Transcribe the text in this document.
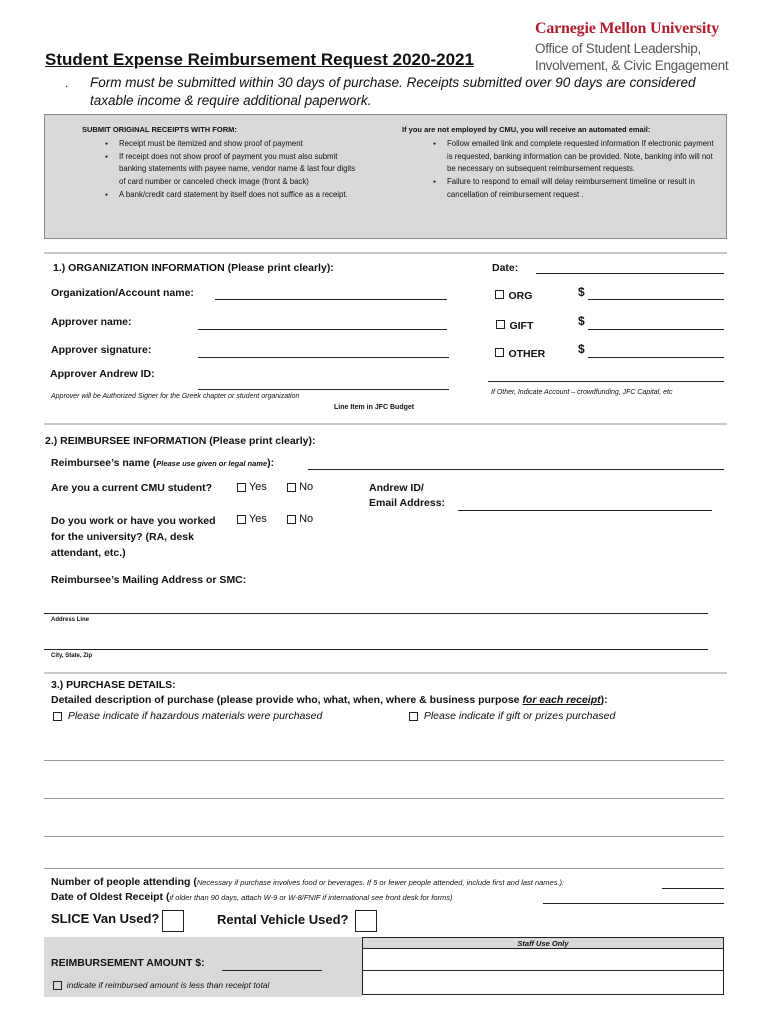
Carnegie Mellon University
Office of Student Leadership,
Involvement, & Civic Engagement
Student Expense Reimbursement Request 2020-2021
. Form must be submitted within 30 days of purchase. Receipts submitted over 90 days are considered taxable income & require additional paperwork.
SUBMIT ORIGINAL RECEIPTS WITH FORM:
● Receipt must be itemized and show proof of payment
● If receipt does not show proof of payment you must also submit banking statements with payee name, vendor name & last four digits of card number or canceled check image (front & back)
● A bank/credit card statement by itself does not suffice as a receipt.
If you are not employed by CMU, you will receive an automated email:
● Follow emailed link and complete requested information If electronic payment is requested, banking information can be provided. Note, banking info will not be necessary on subsequent reimbursement requests.
● Failure to respond to email will delay reimbursement timeline or result in cancellation of reimbursement request .
1.) ORGANIZATION INFORMATION (Please print clearly):	Date:
Organization/Account name:
Approver name:
Approver signature:
Approver Andrew ID:
Approver will be Authorized Signer for the Greek chapter or student organization
Line Item in JFC Budget
ORG	$
GIFT	$
OTHER	$
If Other, Indicate Account – crowdfunding, JFC Capital, etc
2.) REIMBURSEE INFORMATION (Please print clearly):
Reimbursee’s name (Please use given or legal name):
Are you a current CMU student?	Yes	No	Andrew ID/
Email Address:
Do you work or have you worked for the university? (RA, desk attendant, etc.)
Yes	No
Reimbursee’s Mailing Address or SMC:
Address Line
City, State, Zip
3.) PURCHASE DETAILS:
Detailed description of purchase (please provide who, what, when, where & business purpose for each receipt):
Please indicate if hazardous materials were purchased	Please indicate if gift or prizes purchased
Number of people attending (Necessary if purchase involves food or beverages. If 5 or fewer people attended, include first and last names.):
Date of Oldest Receipt (if older than 90 days, attach W-9 or W-8/FNIF if international see front desk for forms)
SLICE Van Used?	Rental Vehicle Used?
REIMBURSEMENT AMOUNT $:
indicate if reimbursed amount is less than receipt total
Staff Use Only
